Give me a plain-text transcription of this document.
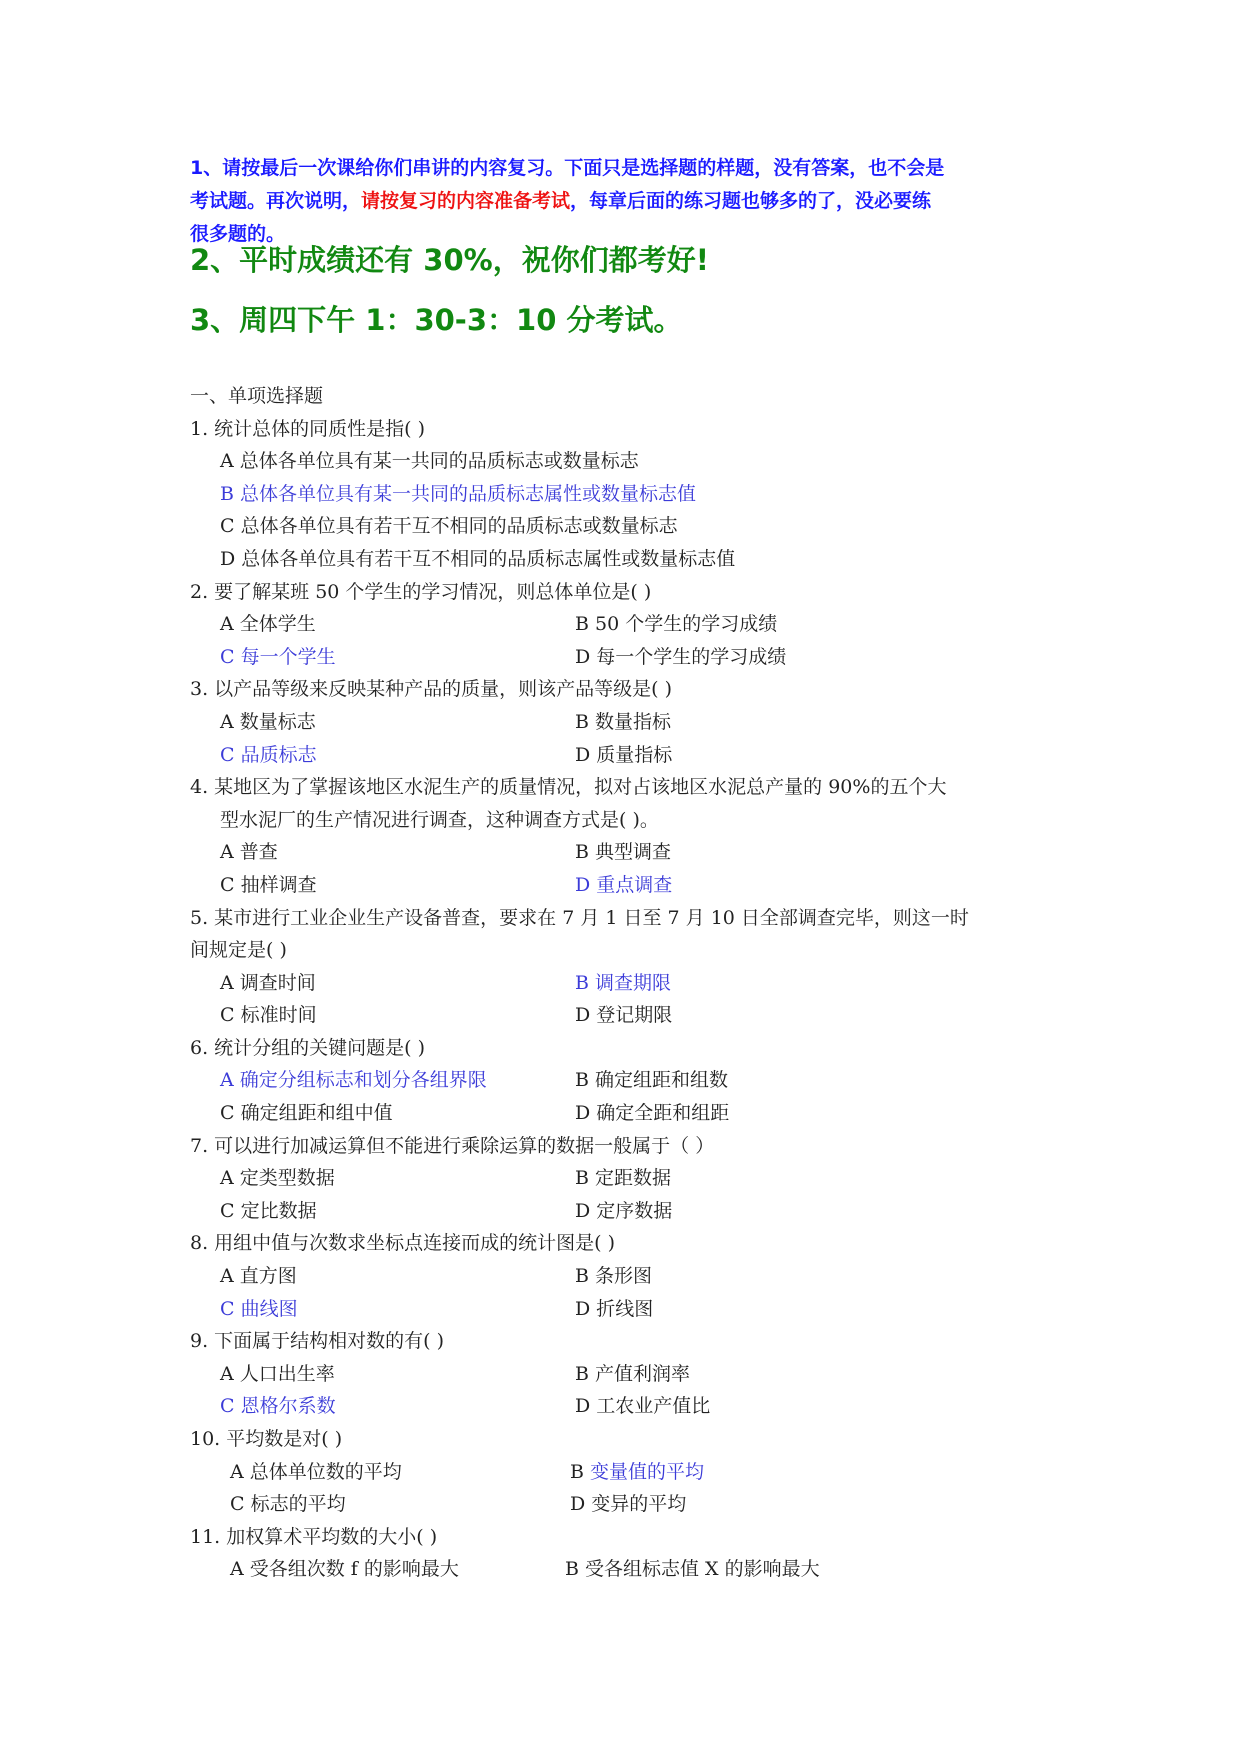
1、请按最后一次课给你们串讲的内容复习。下面只是选择题的样题，没有答案，也不会是
考试题。再次说明，请按复习的内容准备考试，每章后面的练习题也够多的了，没必要练
很多题的。
2、平时成绩还有 30%，祝你们都考好!
3、周四下午 1：30-3：10 分考试。
一、单项选择题
1. 统计总体的同质性是指( )
A 总体各单位具有某一共同的品质标志或数量标志
B 总体各单位具有某一共同的品质标志属性或数量标志值
C 总体各单位具有若干互不相同的品质标志或数量标志
D 总体各单位具有若干互不相同的品质标志属性或数量标志值
2. 要了解某班 50 个学生的学习情况，则总体单位是( )
A 全体学生	B 50 个学生的学习成绩
C 每一个学生	D 每一个学生的学习成绩
3. 以产品等级来反映某种产品的质量，则该产品等级是( )
A 数量标志	B 数量指标
C 品质标志	D 质量指标
4. 某地区为了掌握该地区水泥生产的质量情况，拟对占该地区水泥总产量的 90%的五个大
型水泥厂的生产情况进行调查，这种调查方式是( )。
A 普查	B 典型调查
C 抽样调查	D 重点调查
5. 某市进行工业企业生产设备普查，要求在 7 月 1 日至 7 月 10 日全部调查完毕，则这一时
间规定是( )
A 调查时间	B 调查期限
C 标准时间	D 登记期限
6. 统计分组的关键问题是( )
A 确定分组标志和划分各组界限	B 确定组距和组数
C 确定组距和组中值	D 确定全距和组距
7. 可以进行加减运算但不能进行乘除运算的数据一般属于（ ）
A 定类型数据	B 定距数据
C 定比数据	D 定序数据
8. 用组中值与次数求坐标点连接而成的统计图是( )
A 直方图	B 条形图
C 曲线图	D 折线图
9. 下面属于结构相对数的有( )
A 人口出生率	B 产值利润率
C 恩格尔系数	D 工农业产值比
10. 平均数是对( )
A 总体单位数的平均	B 变量值的平均
C 标志的平均	D 变异的平均
11. 加权算术平均数的大小( )
A 受各组次数 f 的影响最大	B 受各组标志值 X 的影响最大
